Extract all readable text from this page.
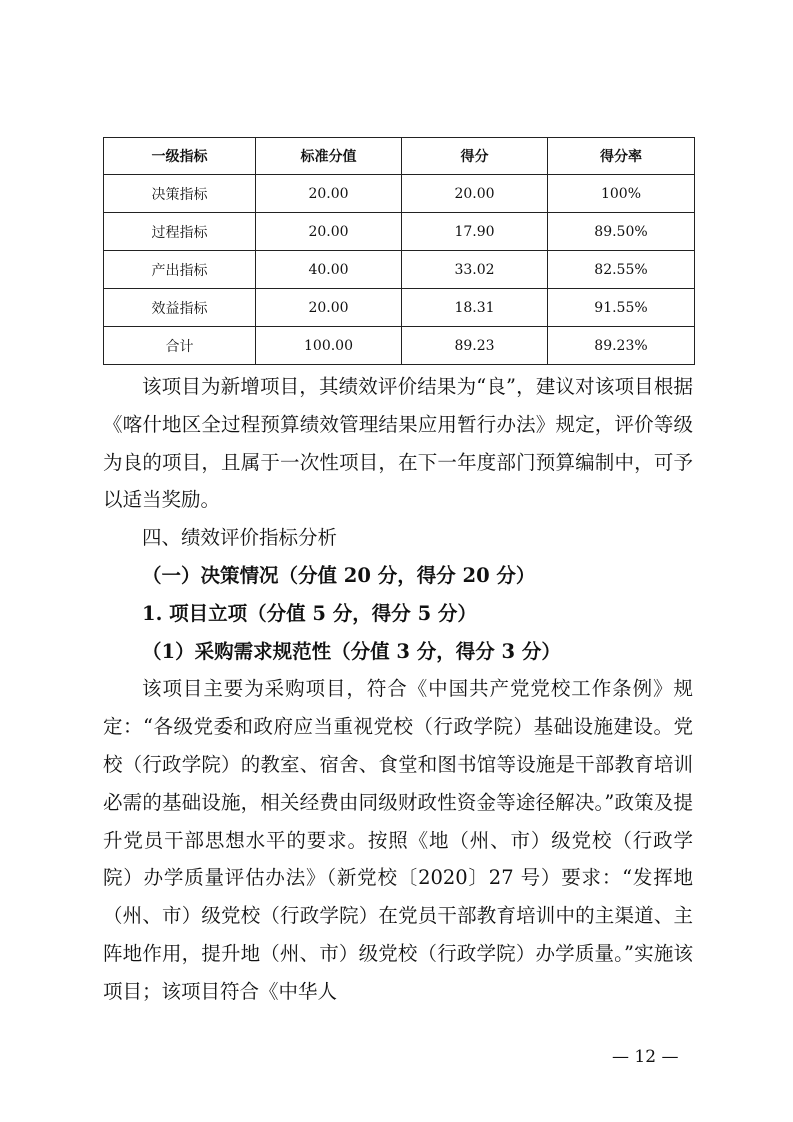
一级指标	标准分值	得分	得分率
决策指标	20.00	20.00	100%
过程指标	20.00	17.90	89.50%
产出指标	40.00	33.02	82.55%
效益指标	20.00	18.31	91.55%
合计	100.00	89.23	89.23%

该项目为新增项目，其绩效评价结果为“良”，建议对该项目根据《喀什地区全过程预算绩效管理结果应用暂行办法》规定，评价等级为良的项目，且属于一次性项目，在下一年度部门预算编制中，可予以适当奖励。

四、绩效评价指标分析

（一）决策情况（分值 20 分，得分 20 分）

1. 项目立项（分值 5 分，得分 5 分）

（1）采购需求规范性（分值 3 分，得分 3 分）

该项目主要为采购项目，符合《中国共产党党校工作条例》规定：“各级党委和政府应当重视党校（行政学院）基础设施建设。党校（行政学院）的教室、宿舍、食堂和图书馆等设施是干部教育培训必需的基础设施，相关经费由同级财政性资金等途径解决。”政策及提升党员干部思想水平的要求。按照《地（州、市）级党校（行政学院）办学质量评估办法》（新党校〔2020〕27 号）要求：“发挥地（州、市）级党校（行政学院）在党员干部教育培训中的主渠道、主阵地作用，提升地（州、市）级党校（行政学院）办学质量。”实施该项目；该项目符合《中华人

— 12 —
